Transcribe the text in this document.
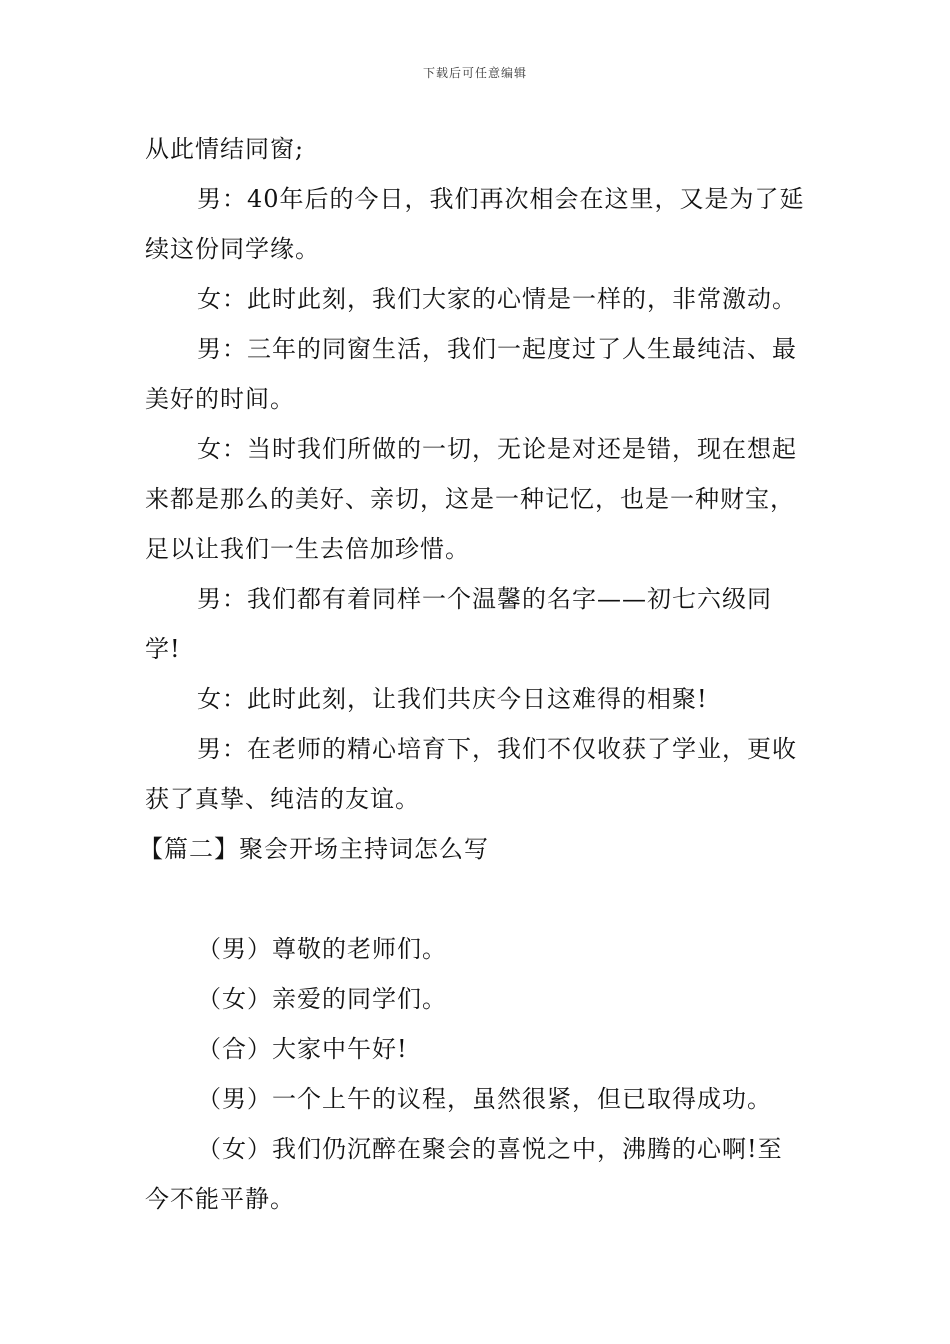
下载后可任意编辑

从此情结同窗;

男：40年后的今日，我们再次相会在这里，又是为了延续这份同学缘。

女：此时此刻，我们大家的心情是一样的，非常激动。

男：三年的同窗生活，我们一起度过了人生最纯洁、最美好的时间。

女：当时我们所做的一切，无论是对还是错，现在想起来都是那么的美好、亲切，这是一种记忆，也是一种财宝，足以让我们一生去倍加珍惜。

男：我们都有着同样一个温馨的名字——初七六级同学!

女：此时此刻，让我们共庆今日这难得的相聚!

男：在老师的精心培育下，我们不仅收获了学业，更收获了真挚、纯洁的友谊。

【篇二】聚会开场主持词怎么写

（男）尊敬的老师们。

（女）亲爱的同学们。

（合）大家中午好!

（男）一个上午的议程，虽然很紧，但已取得成功。

（女）我们仍沉醉在聚会的喜悦之中，沸腾的心啊!至今不能平静。
